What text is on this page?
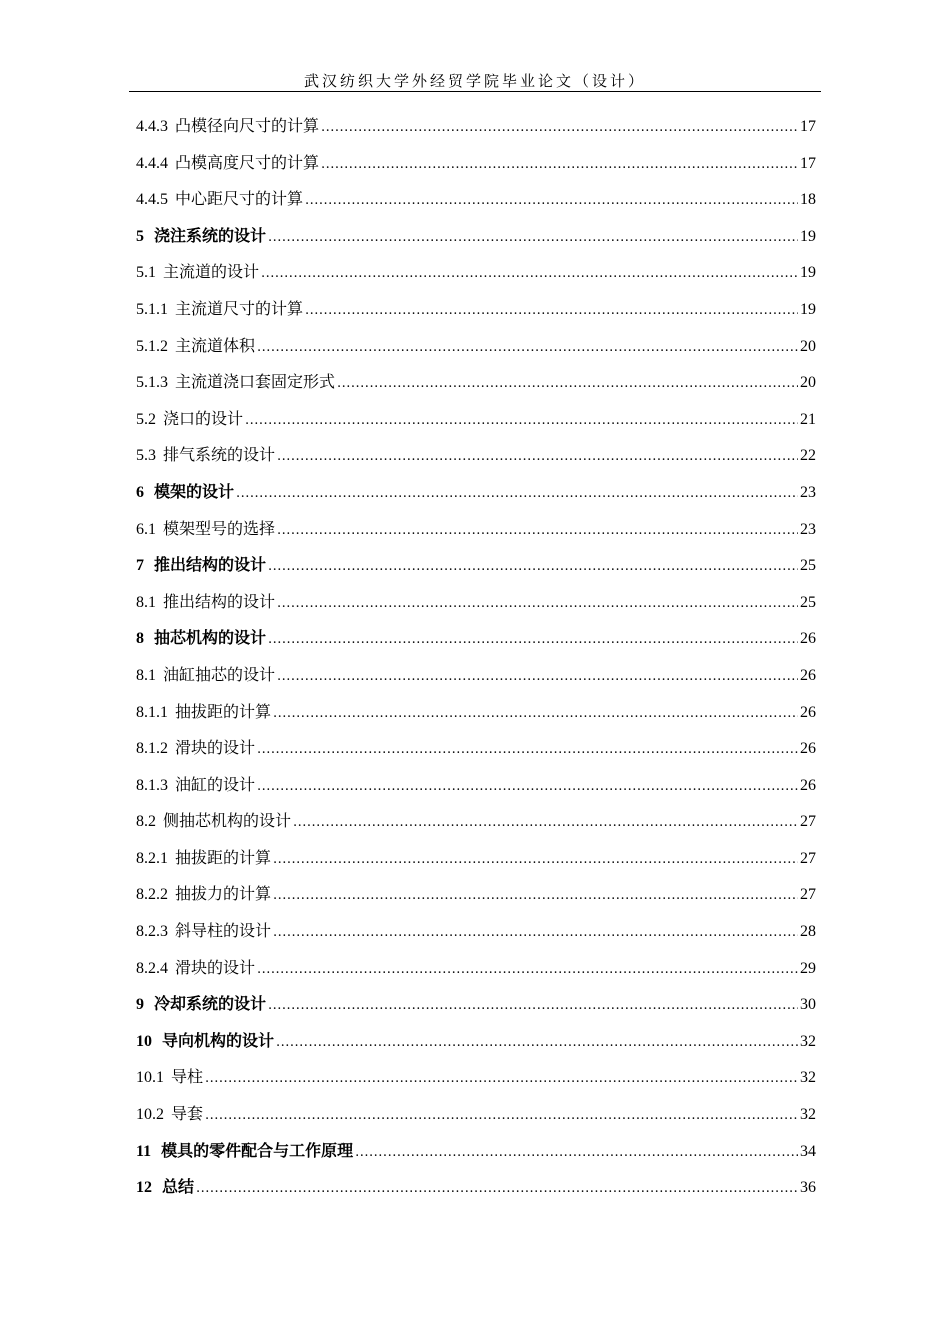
武汉纺织大学外经贸学院毕业论文（设计）
4.4.3 凸模径向尺寸的计算 .....	17
4.4.4 凸模高度尺寸的计算 .....	17
4.4.5 中心距尺寸的计算 .....	18
5 浇注系统的设计 .....	19
5.1 主流道的设计 .....	19
5.1.1 主流道尺寸的计算 .....	19
5.1.2 主流道体积 .....	20
5.1.3 主流道浇口套固定形式 .....	20
5.2 浇口的设计 .....	21
5.3 排气系统的设计 .....	22
6 模架的设计 .....	23
6.1 模架型号的选择 .....	23
7 推出结构的设计 .....	25
8.1 推出结构的设计 .....	25
8 抽芯机构的设计 .....	26
8.1 油缸抽芯的设计 .....	26
8.1.1 抽拔距的计算 .....	26
8.1.2 滑块的设计 .....	26
8.1.3 油缸的设计 .....	26
8.2 侧抽芯机构的设计 .....	27
8.2.1 抽拔距的计算 .....	27
8.2.2 抽拔力的计算 .....	27
8.2.3 斜导柱的设计 .....	28
8.2.4 滑块的设计 .....	29
9 冷却系统的设计 .....	30
10 导向机构的设计 .....	32
10.1 导柱 .....	32
10.2 导套 .....	32
11 模具的零件配合与工作原理 .....	34
12 总结 .....	36
